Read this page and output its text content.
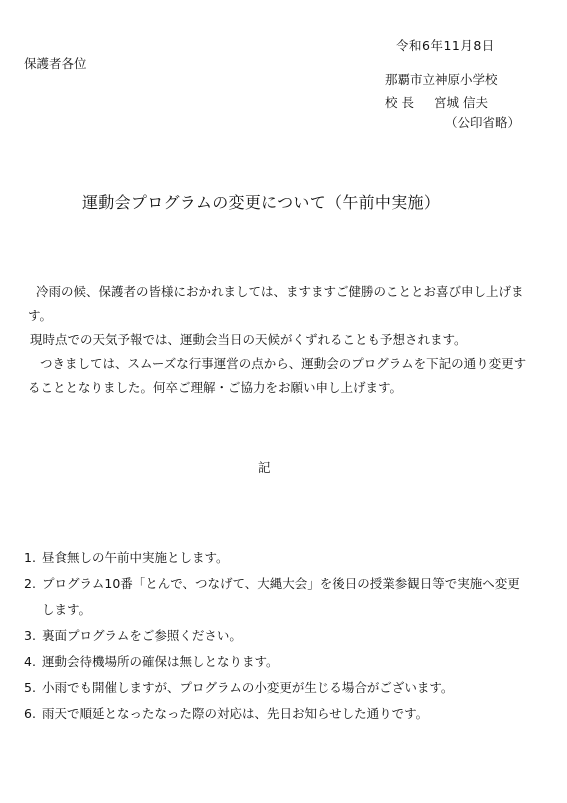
令和6年11月8日
保護者各位
那覇市立神原小学校
校 長 宮城 信夫
（公印省略）
運動会プログラムの変更について（午前中実施）

冷雨の候、保護者の皆様におかれましては、ますますご健勝のこととお喜び申し上げます。

現時点での天気予報では、運動会当日の天候がくずれることも予想されます。

つきましては、スムーズな行事運営の点から、運動会のプログラムを下記の通り変更することとなりました。何卒ご理解・ご協力をお願い申し上げます。

記
1. 昼食無しの午前中実施とします。
2. プログラム10番「とんで、つなげて、大縄大会」を後日の授業参観日等で実施へ変更します。
3. 裏面プログラムをご参照ください。
4. 運動会待機場所の確保は無しとなります。
5. 小雨でも開催しますが、プログラムの小変更が生じる場合がございます。
6. 雨天で順延となったなった際の対応は、先日お知らせした通りです。
